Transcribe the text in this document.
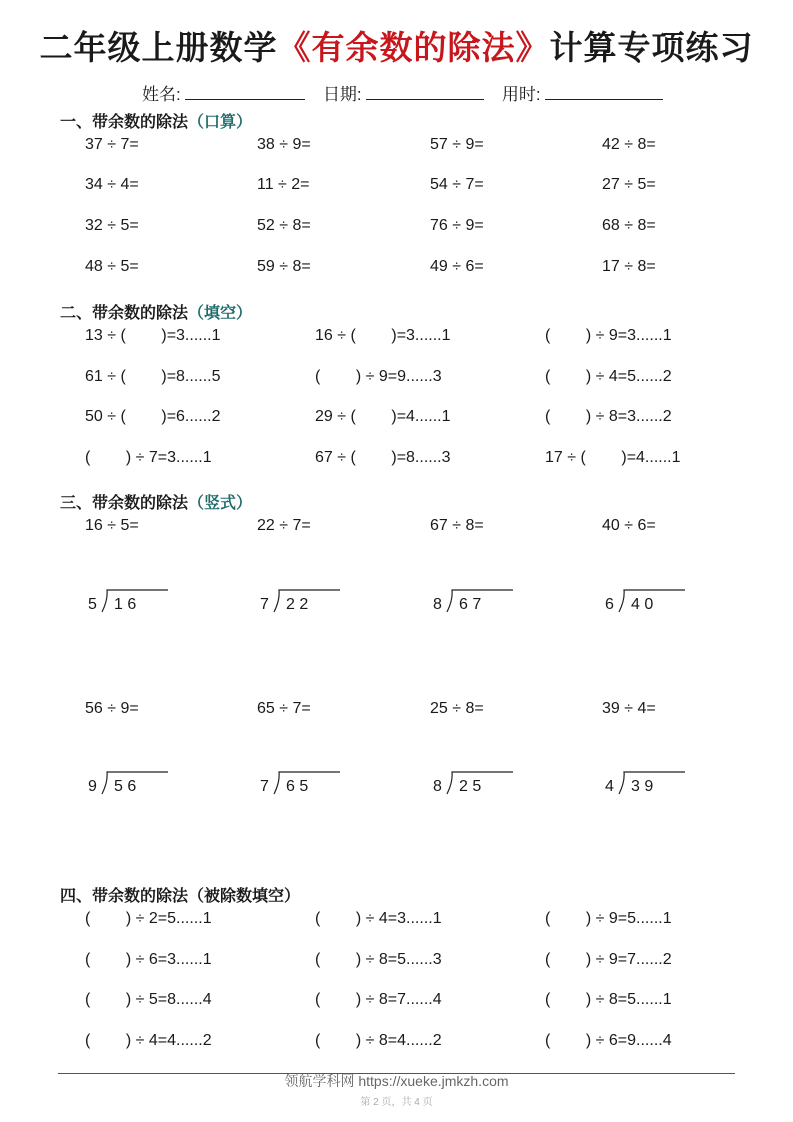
二年级上册数学《有余数的除法》计算专项练习
姓名:	日期:	用时:
一、带余数的除法（口算）
37 ÷ 7=	38 ÷ 9=	57 ÷ 9=	42 ÷ 8=
34 ÷ 4=	11 ÷ 2=	54 ÷ 7=	27 ÷ 5=
32 ÷ 5=	52 ÷ 8=	76 ÷ 9=	68 ÷ 8=
48 ÷ 5=	59 ÷ 8=	49 ÷ 6=	17 ÷ 8=
二、带余数的除法（填空）
13 ÷ (        )=3......1	16 ÷ (        )=3......1	(        ) ÷ 9=3......1
61 ÷ (        )=8......5	(        ) ÷ 9=9......3	(        ) ÷ 4=5......2
50 ÷ (        )=6......2	29 ÷ (        )=4......1	(        ) ÷ 8=3......2
(        ) ÷ 7=3......1	67 ÷ (        )=8......3	17 ÷ (        )=4......1
三、带余数的除法（竖式）
16 ÷ 5=	22 ÷ 7=	67 ÷ 8=	40 ÷ 6=
5 1 6	7 2 2	8 6 7	6 4 0
56 ÷ 9=	65 ÷ 7=	25 ÷ 8=	39 ÷ 4=
9 5 6	7 6 5	8 2 5	4 3 9
四、带余数的除法（被除数填空）
(        ) ÷ 2=5......1	(        ) ÷ 4=3......1	(        ) ÷ 9=5......1
(        ) ÷ 6=3......1	(        ) ÷ 8=5......3	(        ) ÷ 9=7......2
(        ) ÷ 5=8......4	(        ) ÷ 8=7......4	(        ) ÷ 8=5......1
(        ) ÷ 4=4......2	(        ) ÷ 8=4......2	(        ) ÷ 6=9......4
领航学科网 https://xueke.jmkzh.com
第 2 页，共 4 页
